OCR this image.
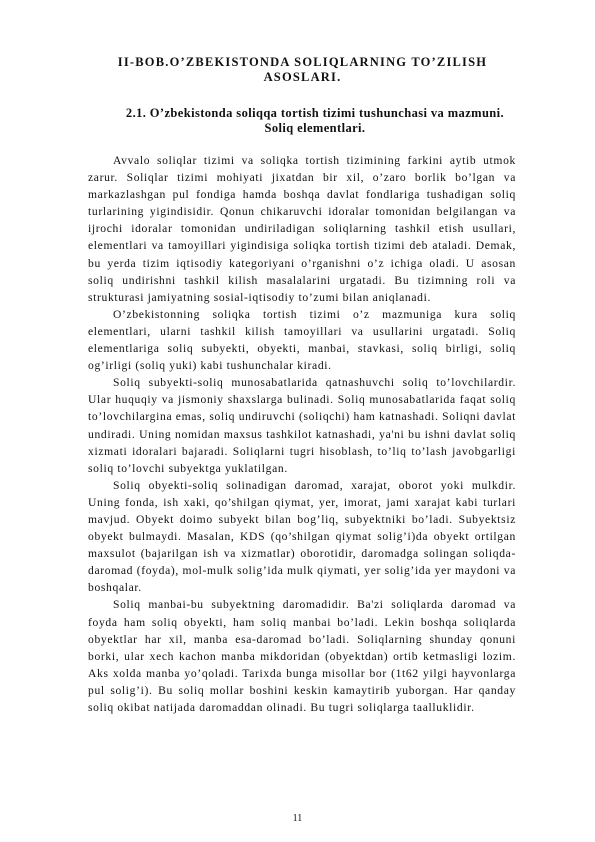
II-BOB.O’ZBEKISTONDA SOLIQLARNING TO’ZILISH ASOSLARI.
2.1. O’zbekistonda soliqqa tortish tizimi tushunchasi va mazmuni. Soliq elementlari.

Avvalo soliqlar tizimi va soliqka tortish tizimining farkini aytib utmok zarur. Soliqlar tizimi mohiyati jixatdan bir xil, o’zaro borlik bo’lgan va markazlashgan pul fondiga hamda boshqa davlat fondlariga tushadigan soliq turlarining yigindisidir. Qonun chikaruvchi idoralar tomonidan belgilangan va ijrochi idoralar tomonidan undiriladigan soliqlarning tashkil etish usullari, elementlari va tamoyillari yigindisiga soliqka tortish tizimi deb ataladi. Demak, bu yerda tizim iqtisodiy kategoriyani o’rganishni o’z ichiga oladi. U asosan soliq undirishni tashkil kilish masalalarini urgatadi. Bu tizimning roli va strukturasi jamiyatning sosial-iqtisodiy to’zumi bilan aniqlanadi.

O’zbekistonning soliqka tortish tizimi o’z mazmuniga kura soliq elementlari, ularni tashkil kilish tamoyillari va usullarini urgatadi. Soliq elementlariga soliq subyekti, obyekti, manbai, stavkasi, soliq birligi, soliq og’irligi (soliq yuki) kabi tushunchalar kiradi.

Soliq subyekti-soliq munosabatlarida qatnashuvchi soliq to’lovchilardir. Ular huquqiy va jismoniy shaxslarga bulinadi. Soliq munosabatlarida faqat soliq to’lovchilargina emas, soliq undiruvchi (soliqchi) ham katnashadi. Soliqni davlat undiradi. Uning nomidan maxsus tashkilot katnashadi, ya'ni bu ishni davlat soliq xizmati idoralari bajaradi. Soliqlarni tugri hisoblash, to’liq to’lash javobgarligi soliq to’lovchi subyektga yuklatilgan.

Soliq obyekti-soliq solinadigan daromad, xarajat, oborot yoki mulkdir. Uning fonda, ish xaki, qo’shilgan qiymat, yer, imorat, jami xarajat kabi turlari mavjud. Obyekt doimo subyekt bilan bog’liq, subyektniki bo’ladi. Subyektsiz obyekt bulmaydi. Masalan, KDS (qo’shilgan qiymat solig’i)da obyekt ortilgan maxsulot (bajarilgan ish va xizmatlar) oborotidir, daromadga solingan soliqda-daromad (foyda), mol-mulk solig’ida mulk qiymati, yer solig’ida yer maydoni va boshqalar.

Soliq manbai-bu subyektning daromadidir. Ba'zi soliqlarda daromad va foyda ham soliq obyekti, ham soliq manbai bo’ladi. Lekin boshqa soliqlarda obyektlar har xil, manba esa-daromad bo’ladi. Soliqlarning shunday qonuni borki, ular xech kachon manba mikdoridan (obyektdan) ortib ketmasligi lozim. Aks xolda manba yo’qoladi. Tarixda bunga misollar bor (1t62 yilgi hayvonlarga pul solig’i). Bu soliq mollar boshini keskin kamaytirib yuborgan. Har qanday soliq okibat natijada daromaddan olinadi. Bu tugri soliqlarga taalluklidir.

11
